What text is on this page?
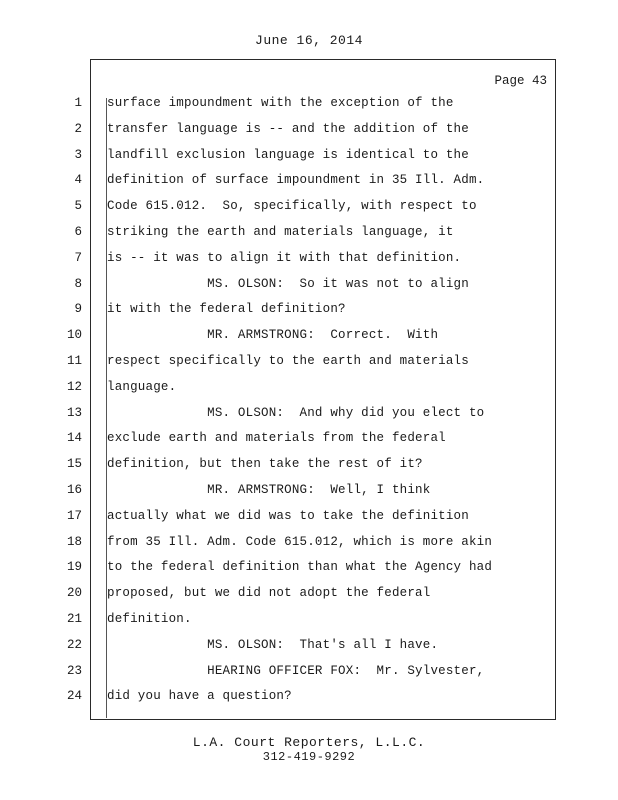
June 16, 2014
Page 43
1 surface impoundment with the exception of the
2 transfer language is -- and the addition of the
3 landfill exclusion language is identical to the
4 definition of surface impoundment in 35 Ill. Adm.
5 Code 615.012.  So, specifically, with respect to
6 striking the earth and materials language, it
7 is -- it was to align it with that definition.
8 MS. OLSON:  So it was not to align
9 it with the federal definition?
10 MR. ARMSTRONG:  Correct.  With
11 respect specifically to the earth and materials
12 language.
13 MS. OLSON:  And why did you elect to
14 exclude earth and materials from the federal
15 definition, but then take the rest of it?
16 MR. ARMSTRONG:  Well, I think
17 actually what we did was to take the definition
18 from 35 Ill. Adm. Code 615.012, which is more akin
19 to the federal definition than what the Agency had
20 proposed, but we did not adopt the federal
21 definition.
22 MS. OLSON:  That's all I have.
23 HEARING OFFICER FOX:  Mr. Sylvester,
24 did you have a question?
L.A. Court Reporters, L.L.C.
312-419-9292
